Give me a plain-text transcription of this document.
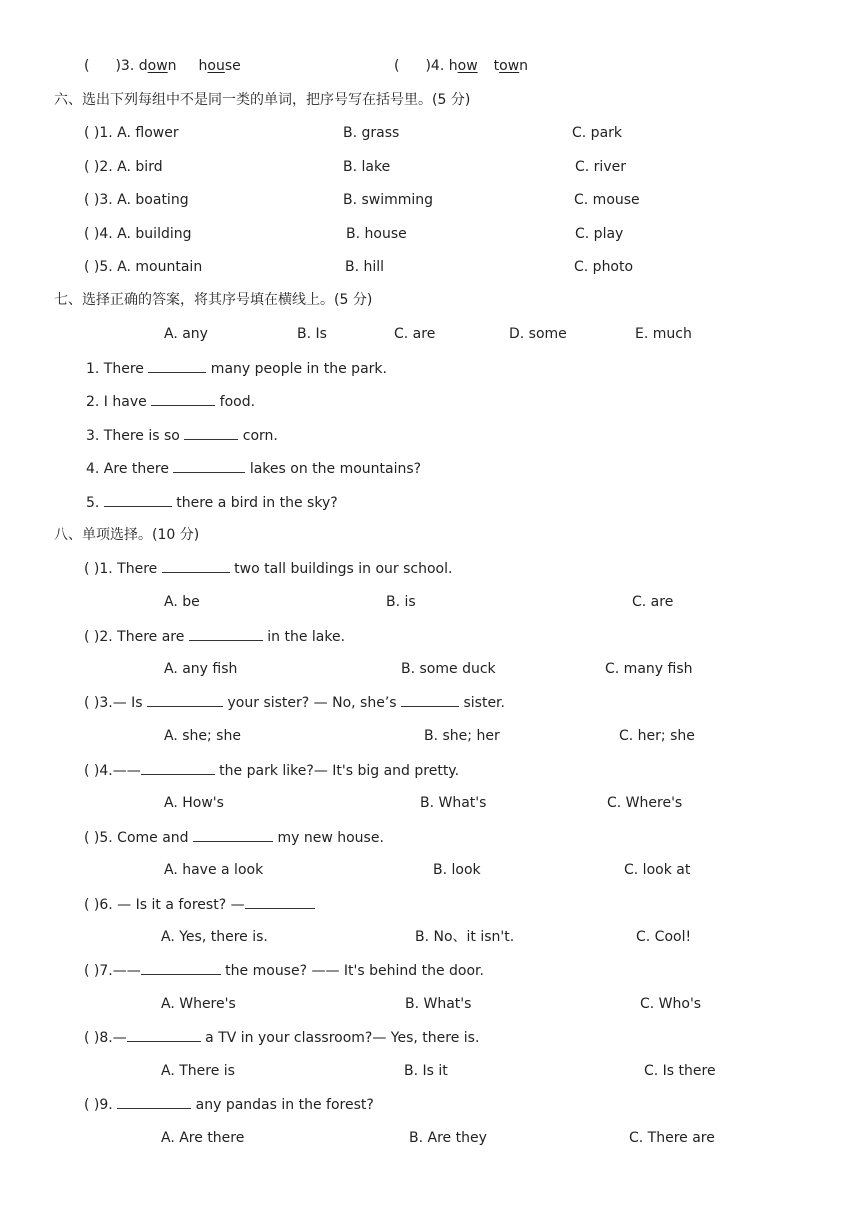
( )3. down house	( )4. how town
六、选出下列每组中不是同一类的单词，把序号写在括号里。(5 分)
( )1. A. flower	B. grass	C. park
( )2. A. bird	B. lake	C. river
( )3. A. boating	B. swimming	C. mouse
( )4. A. building	B. house	C. play
( )5. A. mountain	B. hill	C. photo
七、选择正确的答案，将其序号填在横线上。(5 分)
A. any	B. Is	C. are	D. some	E. much
1. There	many people in the park.
2. I have	food.
3. There is so	corn.
4. Are there	lakes on the mountains?
5.	there a bird in the sky?
八、单项选择。(10 分)
( )1. There	two tall buildings in our school.
A. be	B. is	C. are
( )2. There are	in the lake.
A. any fish	B. some duck	C. many fish
( )3.— Is	your sister? — No, she’s	sister.
A. she; she	B. she; her	C. her; she
( )4.——	the park like?— It's big and pretty.
A. How's	B. What's	C. Where's
( )5. Come and	my new house.
A. have a look	B. look	C. look at
( )6. — Is it a forest? —
A. Yes, there is.	B. No、it isn't.	C. Cool!
( )7.——	the mouse? —— It's behind the door.
A. Where's	B. What's	C. Who's
( )8.—	a TV in your classroom?— Yes, there is.
A. There is	B. Is it	C. Is there
( )9.	any pandas in the forest?
A. Are there	B. Are they	C. There are
